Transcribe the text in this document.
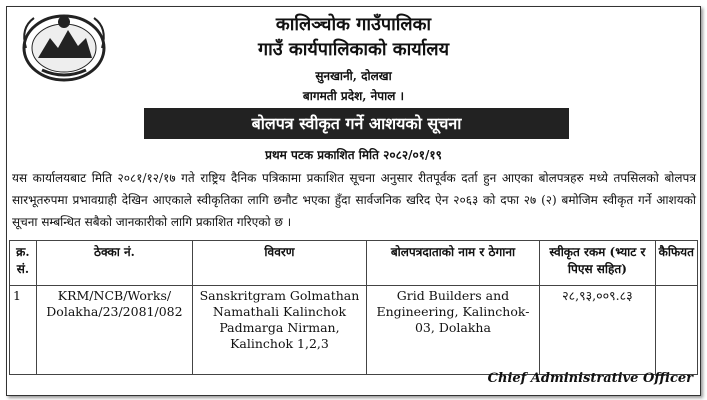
कालिञ्चोक गाउँपालिका
गाउँ कार्यपालिकाको कार्यालय
सुनखानी, दोलखा
बागमती प्रदेश, नेपाल ।
बोलपत्र स्वीकृत गर्ने आशयको सूचना
प्रथम पटक प्रकाशित मिति २०८२/०१/१९
यस कार्यालयबाट मिति २०८१/१२/१७ गते राष्ट्रिय दैनिक पत्रिकामा प्रकाशित सूचना अनुसार रीतपूर्वक दर्ता हुन आएका बोलपत्रहरु मध्ये तपसिलको बोलपत्र सारभूतरुपमा प्रभावग्राही देखिन आएकाले स्वीकृतिका लागि छनौट भएका हुँदा सार्वजनिक खरिद ऐन २०६३ को दफा २७ (२) बमोजिम स्वीकृत गर्ने आशयको सूचना सम्बन्धित सबैको जानकारीको लागि प्रकाशित गरिएको छ ।
क्र. सं.	ठेक्का नं.	विवरण	बोलपत्रदाताको नाम र ठेगाना	स्वीकृत रकम (भ्याट र पिएस सहित)	कैफियत
1	KRM/NCB/Works/ Dolakha/23/2081/082	Sanskritgram Golmathan Namathali Kalinchok Padmarga Nirman, Kalinchok 1,2,3	Grid Builders and Engineering, Kalinchok-03, Dolakha	२८,९३,००९.८३	
Chief Administrative Officer
